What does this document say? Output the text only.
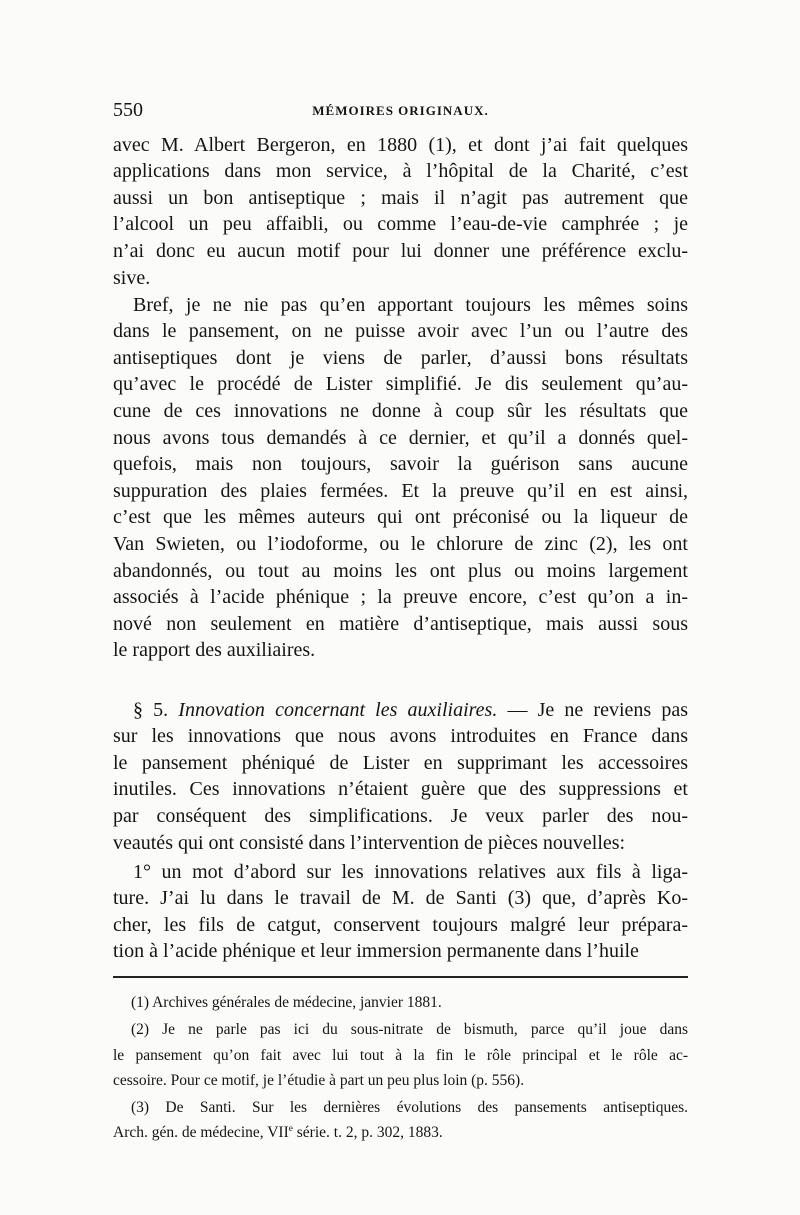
550	MÉMOIRES ORIGINAUX.
avec M. Albert Bergeron, en 1880 (1), et dont j’ai fait quelques
applications dans mon service, à l’hôpital de la Charité, c’est
aussi un bon antiseptique ; mais il n’agit pas autrement que
l’alcool un peu affaibli, ou comme l’eau-de-vie camphrée ; je
n’ai donc eu aucun motif pour lui donner une préférence exclu-
sive.
Bref, je ne nie pas qu’en apportant toujours les mêmes soins
dans le pansement, on ne puisse avoir avec l’un ou l’autre des
antiseptiques dont je viens de parler, d’aussi bons résultats
qu’avec le procédé de Lister simplifié. Je dis seulement qu’au-
cune de ces innovations ne donne à coup sûr les résultats que
nous avons tous demandés à ce dernier, et qu’il a donnés quel-
quefois, mais non toujours, savoir la guérison sans aucune
suppuration des plaies fermées. Et la preuve qu’il en est ainsi,
c’est que les mêmes auteurs qui ont préconisé ou la liqueur de
Van Swieten, ou l’iodoforme, ou le chlorure de zinc (2), les ont
abandonnés, ou tout au moins les ont plus ou moins largement
associés à l’acide phénique ; la preuve encore, c’est qu’on a in-
nové non seulement en matière d’antiseptique, mais aussi sous
le rapport des auxiliaires.
§ 5. Innovation concernant les auxiliaires. — Je ne reviens pas
sur les innovations que nous avons introduites en France dans
le pansement phéniqué de Lister en supprimant les accessoires
inutiles. Ces innovations n’étaient guère que des suppressions et
par conséquent des simplifications. Je veux parler des nou-
veautés qui ont consisté dans l’intervention de pièces nouvelles:
1° un mot d’abord sur les innovations relatives aux fils à liga-
ture. J’ai lu dans le travail de M. de Santi (3) que, d’après Ko-
cher, les fils de catgut, conservent toujours malgré leur prépara-
tion à l’acide phénique et leur immersion permanente dans l’huile
(1) Archives générales de médecine, janvier 1881.
(2) Je ne parle pas ici du sous-nitrate de bismuth, parce qu’il joue dans
le pansement qu’on fait avec lui tout à la fin le rôle principal et le rôle ac-
cessoire. Pour ce motif, je l’étudie à part un peu plus loin (p. 556).
(3) De Santi. Sur les dernières évolutions des pansements antiseptiques.
Arch. gén. de médecine, VIIe série. t. 2, p. 302, 1883.
